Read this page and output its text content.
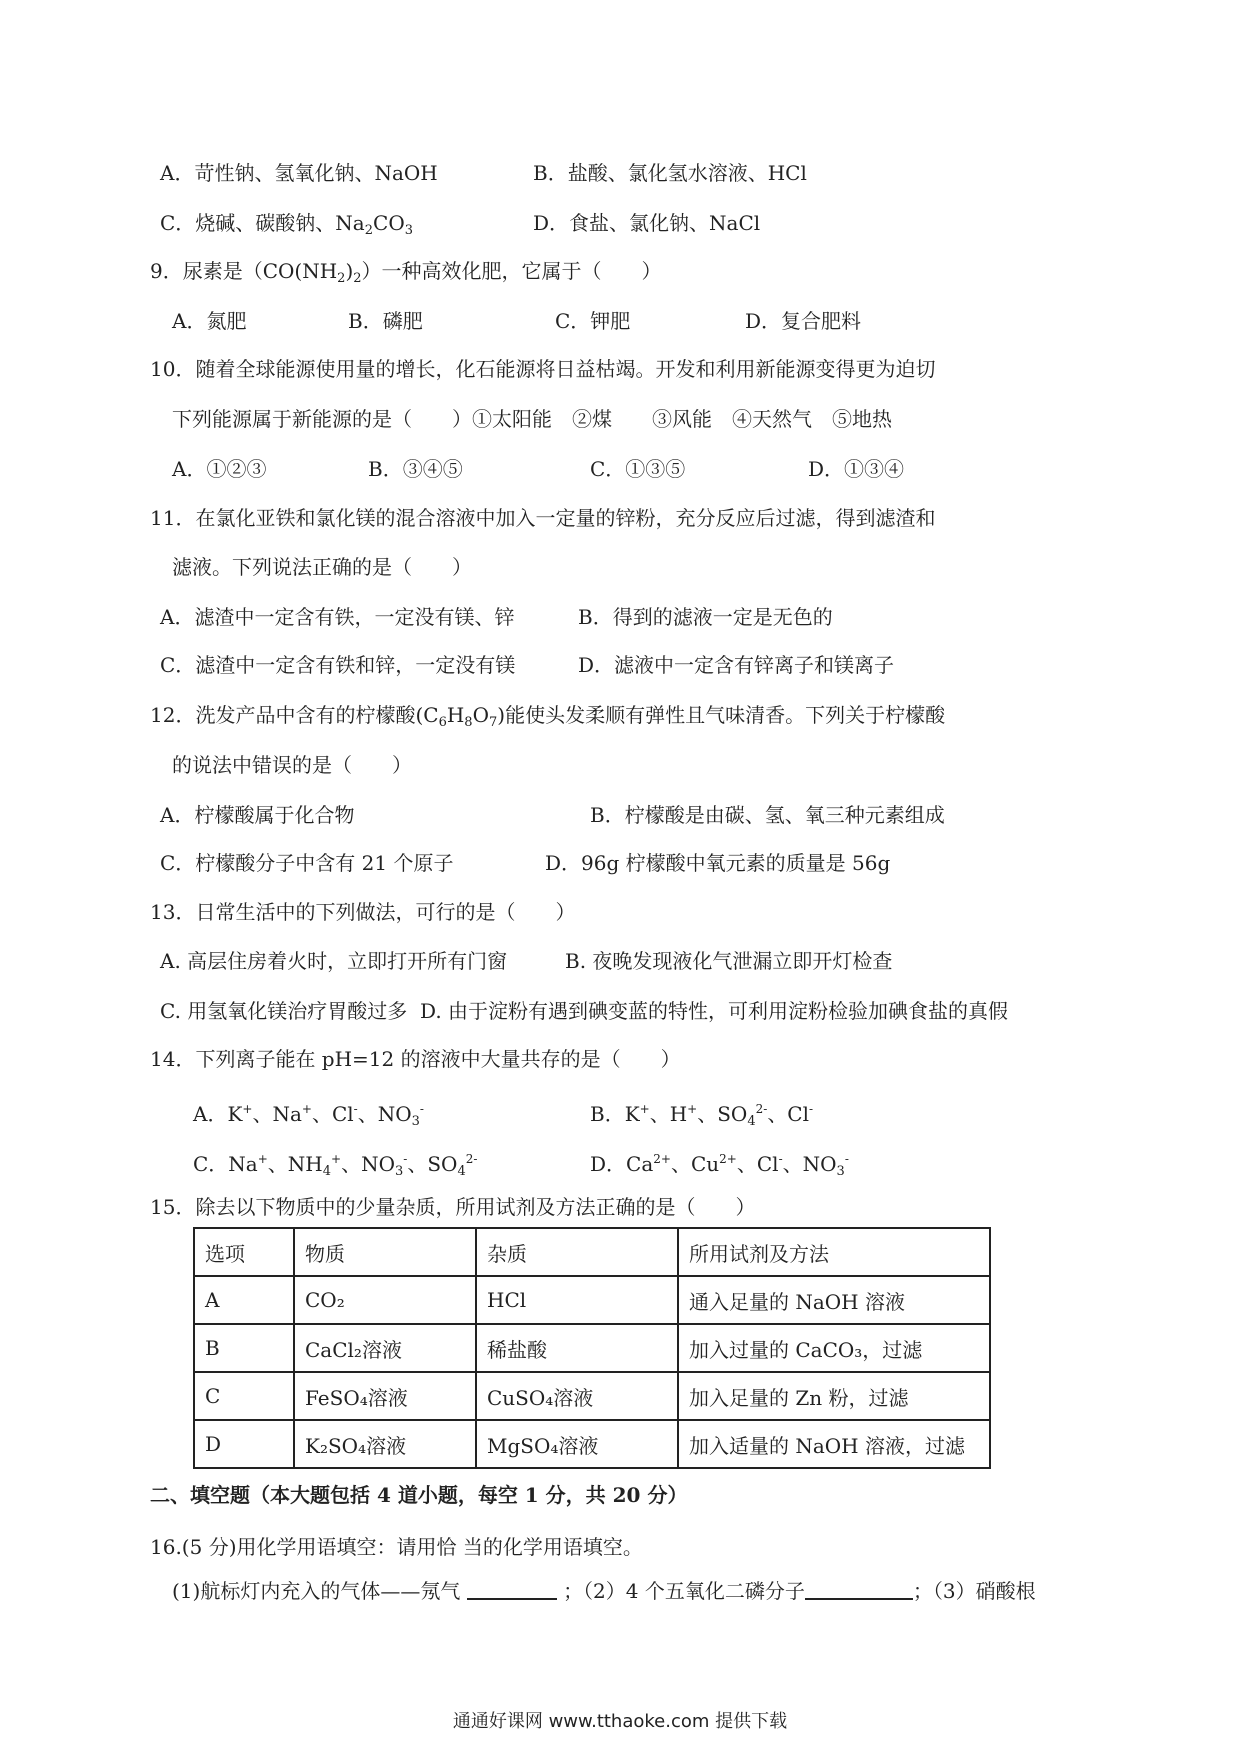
A．苛性钠、氢氧化钠、NaOH	B．盐酸、氯化氢水溶液、HCl
C．烧碱、碳酸钠、$Na_2CO_3$	D．食盐、氯化钠、NaCl
9．尿素是$(CO(NH_2)_2)$一种高效化肥，它属于（　　）
A．氮肥	B．磷肥	C．钾肥	D．复合肥料
10．随着全球能源使用量的增长，化石能源将日益枯竭。开发和利用新能源变得更为迫切
下列能源属于新能源的是（　　）①太阳能　②煤　　③风能　④天然气　⑤地热
A．①②③	B．③④⑤	C．①③⑤	D．①③④
11．在氯化亚铁和氯化镁的混合溶液中加入一定量的锌粉，充分反应后过滤，得到滤渣和
滤液。下列说法正确的是（　　）
A．滤渣中一定含有铁，一定没有镁、锌	B．得到的滤液一定是无色的
C．滤渣中一定含有铁和锌，一定没有镁	D．滤液中一定含有锌离子和镁离子
12．洗发产品中含有的柠檬酸$(C_6H_8O_7)$能使头发柔顺有弹性且气味清香。下列关于柠檬酸
的说法中错误的是（　　）
A．柠檬酸属于化合物	B．柠檬酸是由碳、氢、氧三种元素组成
C．柠檬酸分子中含有 21 个原子	D．96g 柠檬酸中氧元素的质量是 56g
13．日常生活中的下列做法，可行的是（　　）
A. 高层住房着火时，立即打开所有门窗	B. 夜晚发现液化气泄漏立即开灯检查
C. 用氢氧化镁治疗胃酸过多 D. 由于淀粉有遇到碘变蓝的特性，可利用淀粉检验加碘食盐的真假
14．下列离子能在 pH=12 的溶液中大量共存的是（　　）
A．K+、Na+、Cl-、$NO_3^-$	B．K+、H+、$SO_4^{2-}$、Cl-
C．Na+、$NH_4^+$、$NO_3^-$、$SO_4^{2-}$	D．$Ca^{2+}$、$Cu^{2+}$、Cl-、$NO_3^-$
15．除去以下物质中的少量杂质，所用试剂及方法正确的是（　　）
选项	物质	杂质	所用试剂及方法
A	CO₂	HCl	通入足量的 NaOH 溶液
B	CaCl₂溶液	稀盐酸	加入过量的 CaCO₃，过滤
C	FeSO₄溶液	CuSO₄溶液	加入足量的 Zn 粉，过滤
D	K₂SO₄溶液	MgSO₄溶液	加入适量的 NaOH 溶液，过滤
二、填空题（本大题包括 4 道小题，每空 1 分，共 20 分）
16.(5 分)用化学用语填空：请用恰 当的化学用语填空。
(1)航标灯内充入的气体——氖气	；（2）4 个五氧化二磷分子	；（3）硝酸根
通通好课网 www.tthaoke.com 提供下载
